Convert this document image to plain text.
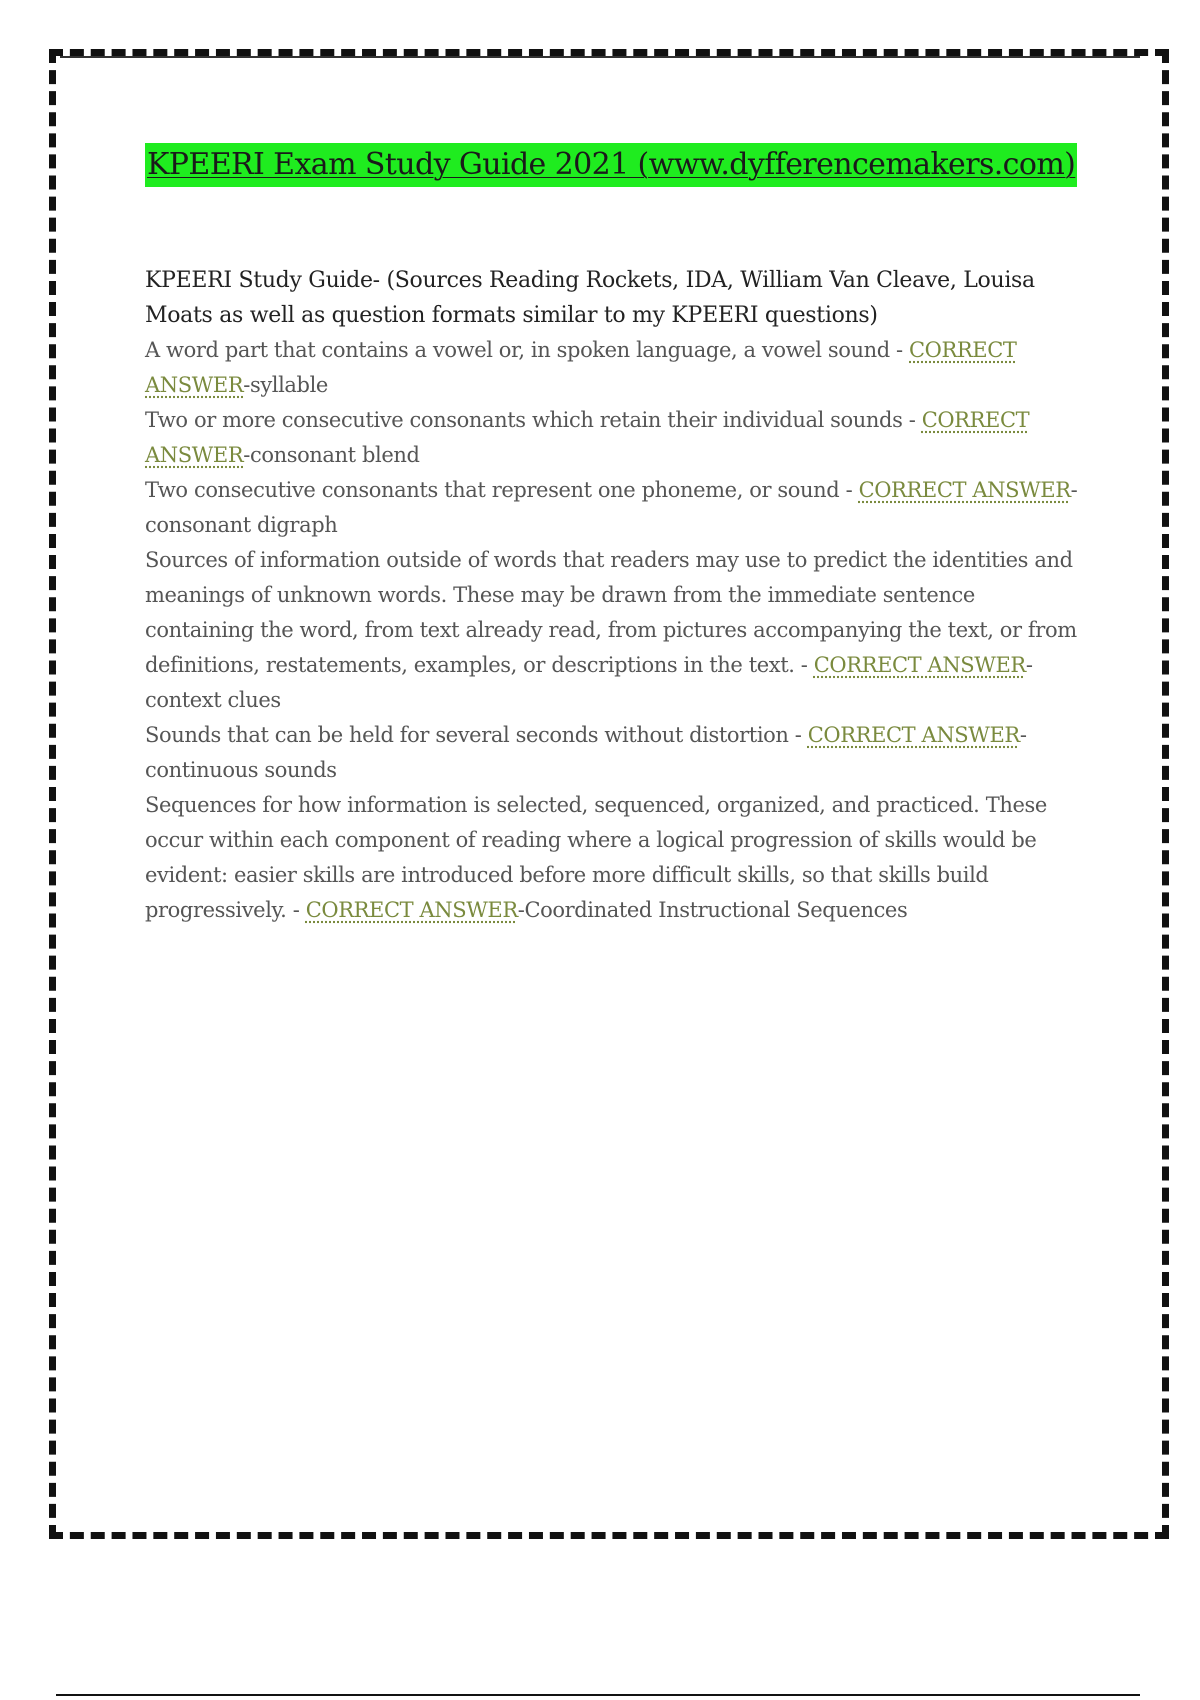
KPEERI Exam Study Guide 2021 (www.dyfferencemakers.com)
KPEERI Study Guide- (Sources Reading Rockets, IDA, William Van Cleave, Louisa Moats as well as question formats similar to my KPEERI questions)
A word part that contains a vowel or, in spoken language, a vowel sound - CORRECT ANSWER-syllable
Two or more consecutive consonants which retain their individual sounds - CORRECT ANSWER-consonant blend
Two consecutive consonants that represent one phoneme, or sound - CORRECT ANSWER-consonant digraph
Sources of information outside of words that readers may use to predict the identities and meanings of unknown words. These may be drawn from the immediate sentence containing the word, from text already read, from pictures accompanying the text, or from definitions, restatements, examples, or descriptions in the text. - CORRECT ANSWER-context clues
Sounds that can be held for several seconds without distortion - CORRECT ANSWER-continuous sounds
Sequences for how information is selected, sequenced, organized, and practiced. These occur within each component of reading where a logical progression of skills would be evident: easier skills are introduced before more difficult skills, so that skills build progressively. - CORRECT ANSWER-Coordinated Instructional Sequences
